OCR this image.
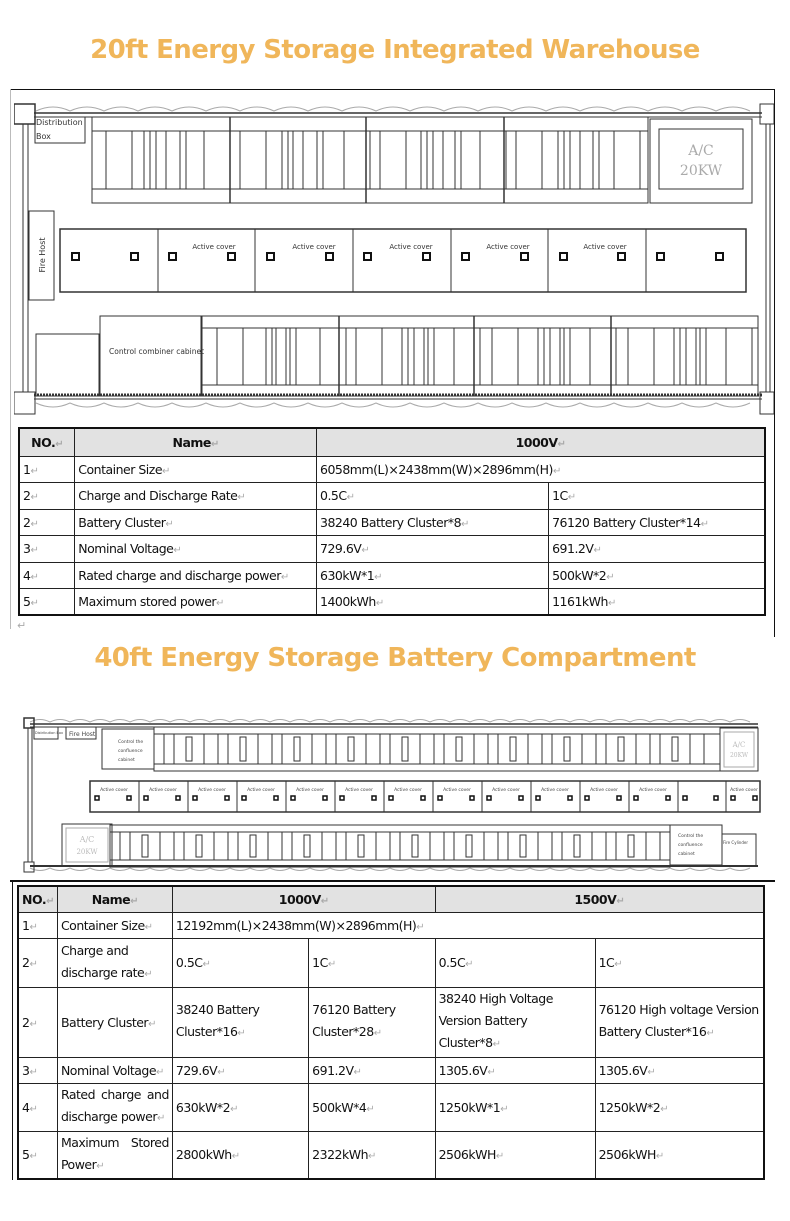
20ft Energy Storage Integrated Warehouse
Distribution
Box
Fire Host
Control combiner cabinet
Active cover	Active cover	Active cover	Active cover	Active cover
A/C
20KW
NO.↵	Name↵	1000V↵	
1↵	Container Size↵	6058mm(L)×2438mm(W)×2896mm(H)↵	
2↵	Charge and Discharge Rate↵	0.5C↵	1C↵
2↵	Battery Cluster↵	38240 Battery Cluster*8↵	76120 Battery Cluster*14↵
3↵	Nominal Voltage↵	729.6V↵	691.2V↵
4↵	Rated charge and discharge power↵	630kW*1↵	500kW*2↵
5↵	Maximum stored power↵	1400kWh↵	1161kWh↵
↵
40ft Energy Storage Battery Compartment
Distribution Box Fire Host
Control the
confluence
cabinet
Active cover	Active cover	Active cover	Active cover	Active cover	Active cover	Active cover	Active cover	Active cover	Active cover	Active cover	Active cover	Active cover
A/C
20KW
A/C
20KW
Control the
confluence
cabinet
Fire Cylinder
NO.↵	Name↵	1000V↵		1500V↵	
1↵	Container Size↵	12192mm(L)×2438mm(W)×2896mm(H)↵			
2↵	Charge and discharge rate↵	0.5C↵	1C↵	0.5C↵	1C↵
2↵	Battery Cluster↵	38240 Battery Cluster*16↵	76120 Battery Cluster*28↵	38240 High Voltage Version Battery Cluster*8↵	76120 High voltage Version Battery Cluster*16↵
3↵	Nominal Voltage↵	729.6V↵	691.2V↵	1305.6V↵	1305.6V↵
4↵	Rated charge and discharge power↵	630kW*2↵	500kW*4↵	1250kW*1↵	1250kW*2↵
5↵	Maximum Stored Power↵	2800kWh↵	2322kWh↵	2506kWH↵	2506kWH↵
